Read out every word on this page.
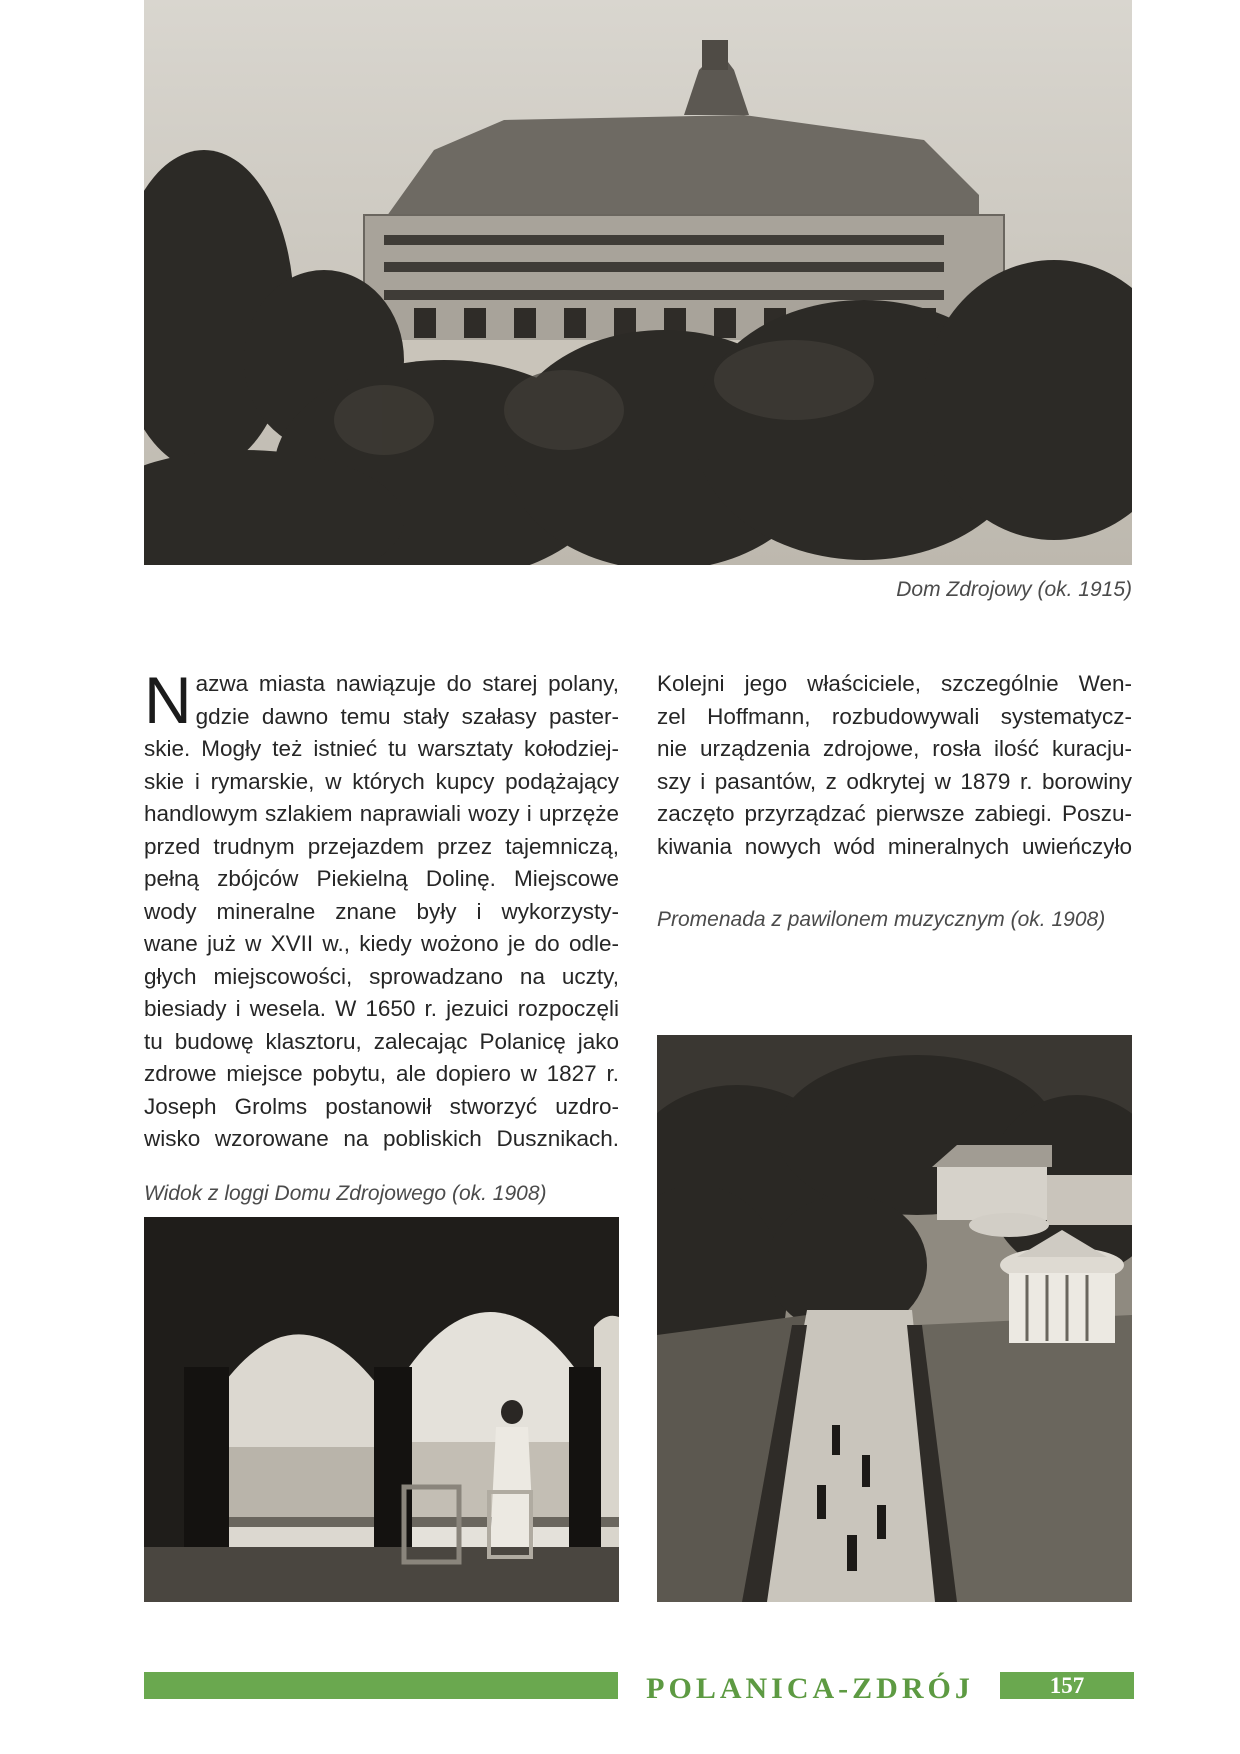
Dom Zdrojowy (ok. 1915)
N azwa miasta nawiązuje do starej polany,
gdzie dawno temu stały szałasy paster-
skie. Mogły też istnieć tu warsztaty kołodziej-
skie i rymarskie, w których kupcy podążający
handlowym szlakiem naprawiali wozy i uprzęże
przed trudnym przejazdem przez tajemniczą,
pełną zbójców Piekielną Dolinę. Miejscowe
wody mineralne znane były i wykorzysty-
wane już w XVII w., kiedy wożono je do odle-
głych miejscowości, sprowadzano na uczty,
biesiady i wesela. W 1650 r. jezuici rozpoczęli
tu budowę klasztoru, zalecając Polanicę jako
zdrowe miejsce pobytu, ale dopiero w 1827 r.
Joseph Grolms postanowił stworzyć uzdro-
wisko wzorowane na pobliskich Dusznikach.
Kolejni jego właściciele, szczególnie Wen-
zel Hoffmann, rozbudowywali systematycz-
nie urządzenia zdrojowe, rosła ilość kuracju-
szy i pasantów, z odkrytej w 1879 r. borowiny
zaczęto przyrządzać pierwsze zabiegi. Poszu-
kiwania nowych wód mineralnych uwieńczyło
Promenada z pawilonem muzycznym (ok. 1908)
Widok z loggi Domu Zdrojowego (ok. 1908)
POLANICA-ZDRÓJ	157
